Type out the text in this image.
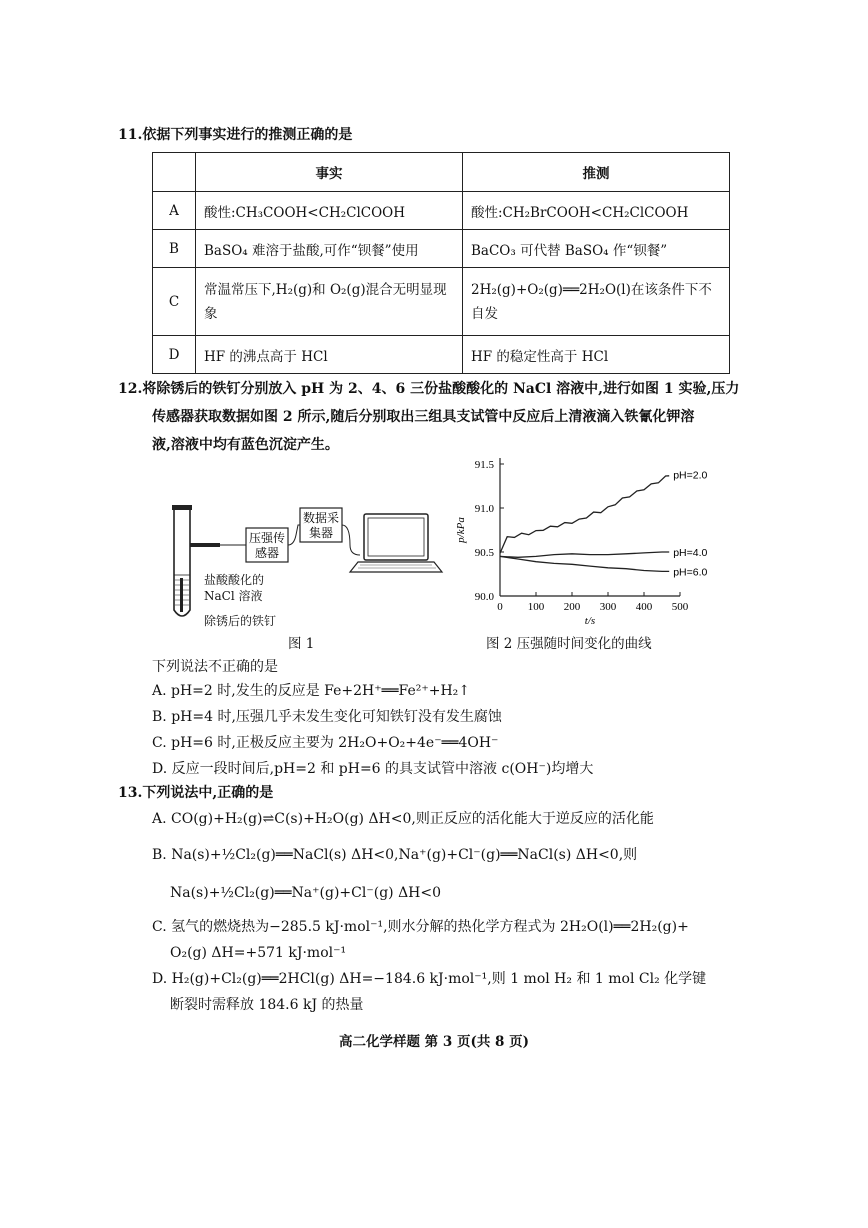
11.依据下列事实进行的推测正确的是
	事实	推测
A	酸性:CH₃COOH<CH₂ClCOOH	酸性:CH₂BrCOOH<CH₂ClCOOH
B	BaSO₄ 难溶于盐酸,可作“钡餐”使用	BaCO₃ 可代替 BaSO₄ 作“钡餐”
C	常温常压下,H₂(g)和 O₂(g)混合无明显现象	2H₂(g)+O₂(g)══2H₂O(l)在该条件下不自发
D	HF 的沸点高于 HCl	HF 的稳定性高于 HCl
12.将除锈后的铁钉分别放入 pH 为 2、4、6 三份盐酸酸化的 NaCl 溶液中,进行如图 1 实验,压力
传感器获取数据如图 2 所示,随后分别取出三组具支试管中反应后上清液滴入铁氰化钾溶
液,溶液中均有蓝色沉淀产生。
压强传
感器
数据采
集器
盐酸酸化的
NaCl 溶液
除锈后的铁钉
图 1
90.0
90.5
91.0
91.5
0 100 200 300 400 500
t/s
p/kPa
pH=2.0
pH=4.0
pH=6.0
图 2 压强随时间变化的曲线
下列说法不正确的是
A. pH=2 时,发生的反应是 Fe+2H⁺══Fe²⁺+H₂↑
B. pH=4 时,压强几乎未发生变化可知铁钉没有发生腐蚀
C. pH=6 时,正极反应主要为 2H₂O+O₂+4e⁻══4OH⁻
D. 反应一段时间后,pH=2 和 pH=6 的具支试管中溶液 c(OH⁻)均增大
13.下列说法中,正确的是
A. CO(g)+H₂(g)⇌C(s)+H₂O(g) ΔH<0,则正反应的活化能大于逆反应的活化能
B. Na(s)+½Cl₂(g)══NaCl(s) ΔH<0,Na⁺(g)+Cl⁻(g)══NaCl(s) ΔH<0,则
Na(s)+½Cl₂(g)══Na⁺(g)+Cl⁻(g) ΔH<0
C. 氢气的燃烧热为−285.5 kJ·mol⁻¹,则水分解的热化学方程式为 2H₂O(l)══2H₂(g)+
O₂(g) ΔH=+571 kJ·mol⁻¹
D. H₂(g)+Cl₂(g)══2HCl(g) ΔH=−184.6 kJ·mol⁻¹,则 1 mol H₂ 和 1 mol Cl₂ 化学键
断裂时需释放 184.6 kJ 的热量
高二化学样题 第 3 页(共 8 页)
